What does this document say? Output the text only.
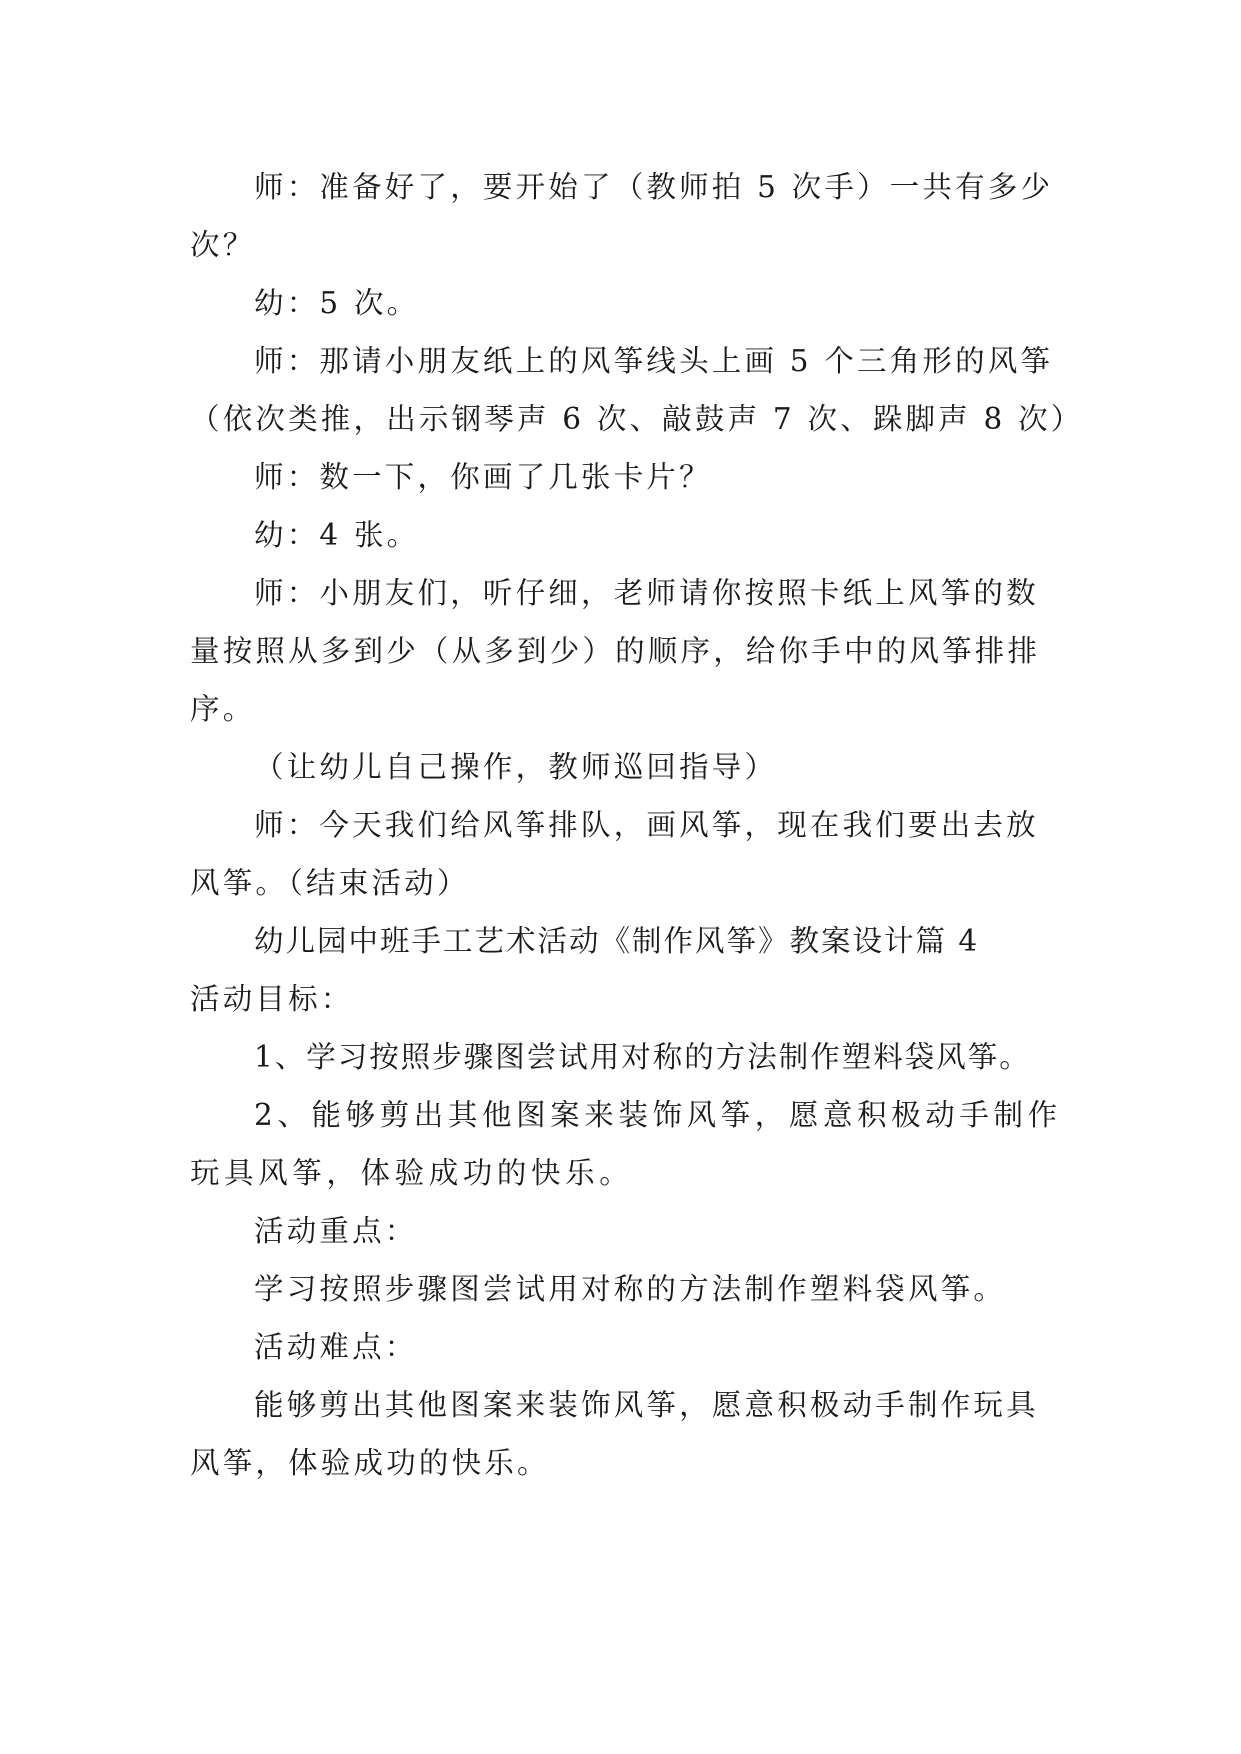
师：准备好了，要开始了（教师拍 5 次手）一共有多少次？

幼：5 次。

师：那请小朋友纸上的风筝线头上画 5 个三角形的风筝（依次类推，出示钢琴声 6 次、敲鼓声 7 次、跺脚声 8 次）

师：数一下，你画了几张卡片？

幼：4 张。

师：小朋友们，听仔细，老师请你按照卡纸上风筝的数量按照从多到少（从多到少）的顺序，给你手中的风筝排排序。

（让幼儿自己操作，教师巡回指导）

师：今天我们给风筝排队，画风筝，现在我们要出去放风筝。（结束活动）

幼儿园中班手工艺术活动《制作风筝》教案设计篇 4

活动目标：

1、学习按照步骤图尝试用对称的方法制作塑料袋风筝。

2、能够剪出其他图案来装饰风筝，愿意积极动手制作玩具风筝，体验成功的快乐。

活动重点：

学习按照步骤图尝试用对称的方法制作塑料袋风筝。

活动难点：

能够剪出其他图案来装饰风筝，愿意积极动手制作玩具风筝，体验成功的快乐。
